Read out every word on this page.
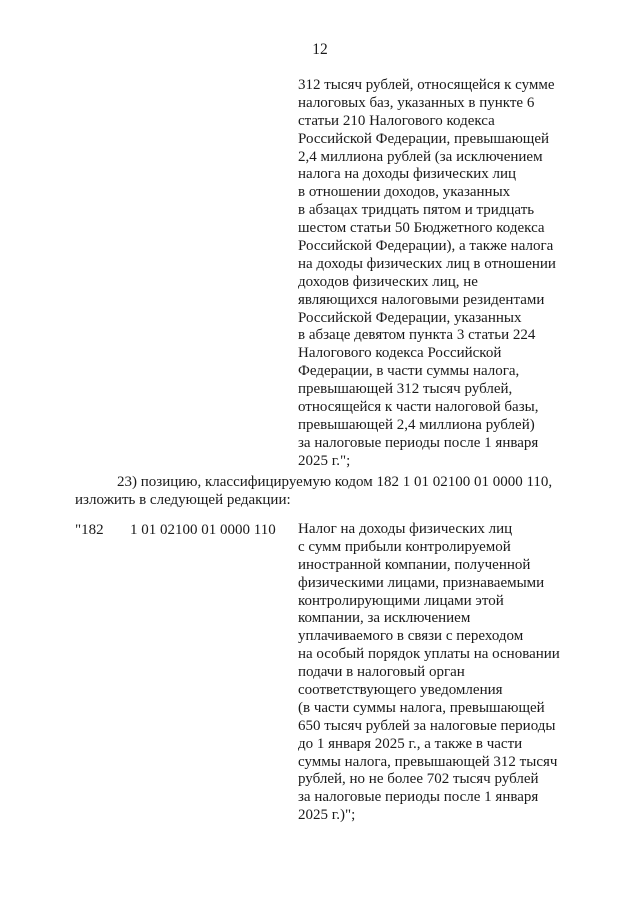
12
312 тысяч рублей, относящейся к сумме
налоговых баз, указанных в пункте 6
статьи 210 Налогового кодекса
Российской Федерации, превышающей
2,4 миллиона рублей (за исключением
налога на доходы физических лиц
в отношении доходов, указанных
в абзацах тридцать пятом и тридцать
шестом статьи 50 Бюджетного кодекса
Российской Федерации), а также налога
на доходы физических лиц в отношении
доходов физических лиц, не
являющихся налоговыми резидентами
Российской Федерации, указанных
в абзаце девятом пункта 3 статьи 224
Налогового кодекса Российской
Федерации, в части суммы налога,
превышающей 312 тысяч рублей,
относящейся к части налоговой базы,
превышающей 2,4 миллиона рублей)
за налоговые периоды после 1 января
2025 г.";
23) позицию, классифицируемую кодом 182 1 01 02100 01 0000 110,
изложить в следующей редакции:
"182 1 01 02100 01 0000 110 Налог на доходы физических лиц
с сумм прибыли контролируемой
иностранной компании, полученной
физическими лицами, признаваемыми
контролирующими лицами этой
компании, за исключением
уплачиваемого в связи с переходом
на особый порядок уплаты на основании
подачи в налоговый орган
соответствующего уведомления
(в части суммы налога, превышающей
650 тысяч рублей за налоговые периоды
до 1 января 2025 г., а также в части
суммы налога, превышающей 312 тысяч
рублей, но не более 702 тысяч рублей
за налоговые периоды после 1 января
2025 г.)";
